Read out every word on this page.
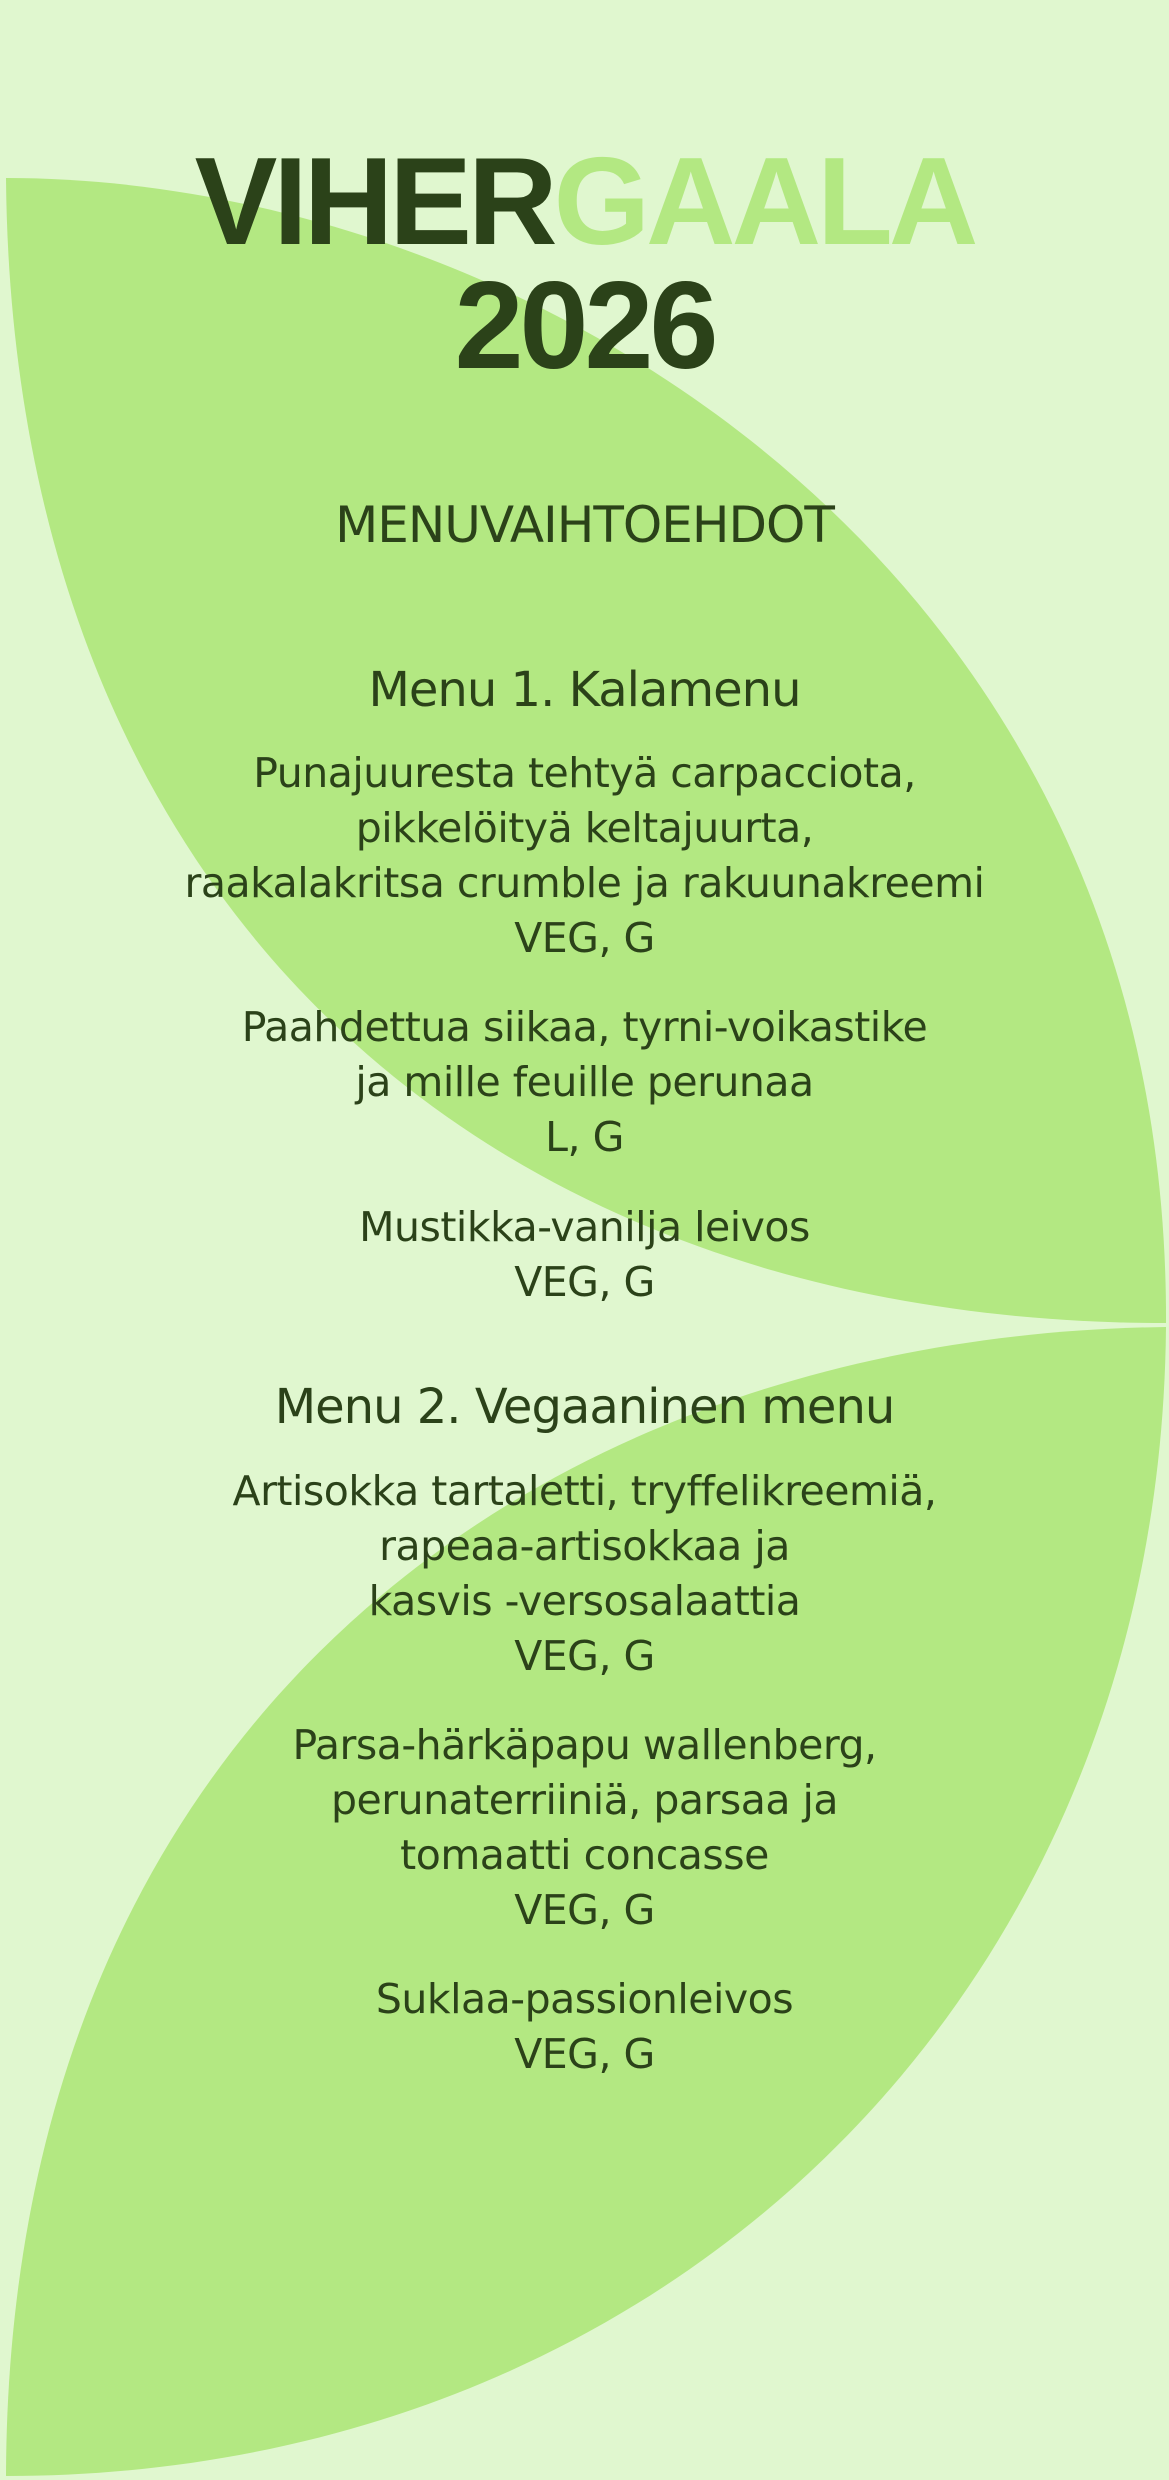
VIHERGAALA
2026
MENUVAIHTOEHDOT
Menu 1. Kalamenu
Punajuuresta tehtyä carpacciota,
pikkelöityä keltajuurta,
raakalakritsa crumble ja rakuunakreemi
VEG, G
Paahdettua siikaa, tyrni-voikastike
ja mille feuille perunaa
L, G
Mustikka-vanilja leivos
VEG, G
Menu 2. Vegaaninen menu
Artisokka tartaletti, tryffelikreemiä,
rapeaa-artisokkaa ja
kasvis -versosalaattia
VEG, G
Parsa-härkäpapu wallenberg,
perunaterriiniä, parsaa ja
tomaatti concasse
VEG, G
Suklaa-passionleivos
VEG, G
